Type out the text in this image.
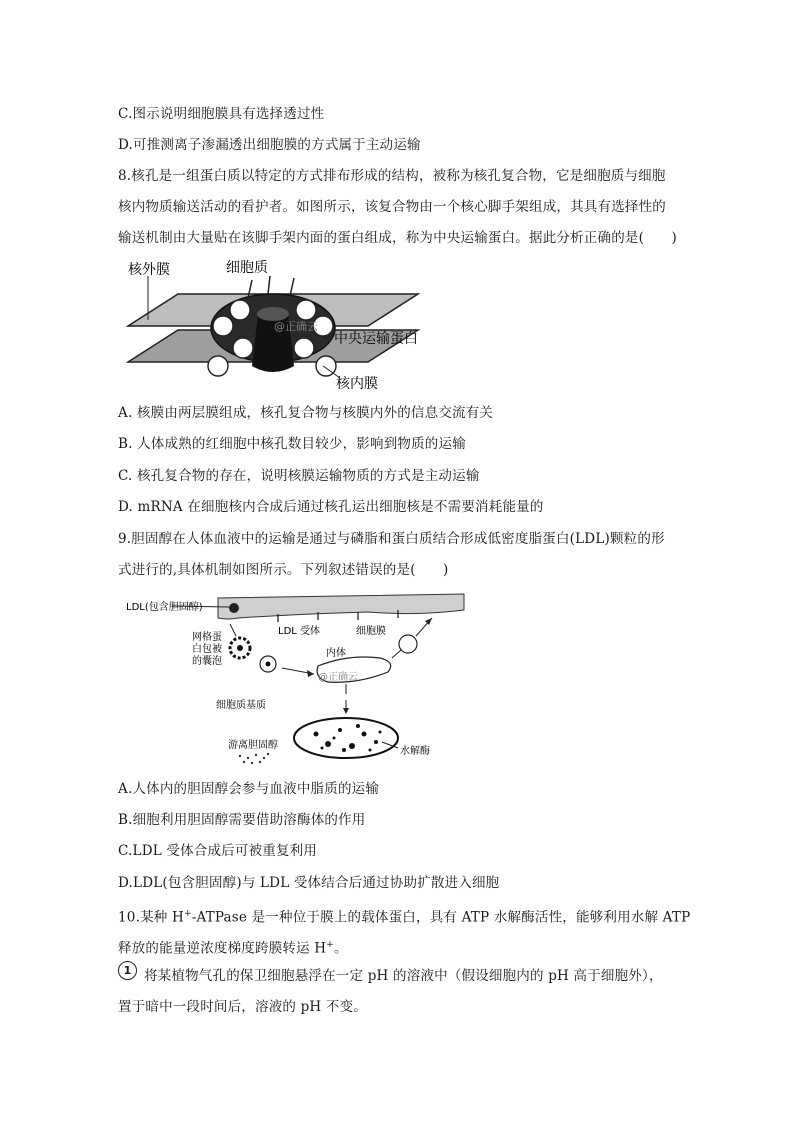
C.图示说明细胞膜具有选择透过性
D.可推测离子渗漏透出细胞膜的方式属于主动运输
8.核孔是一组蛋白质以特定的方式排布形成的结构，被称为核孔复合物，它是细胞质与细胞
核内物质输送活动的看护者。如图所示，该复合物由一个核心脚手架组成，其具有选择性的
输送机制由大量贴在该脚手架内面的蛋白组成，称为中央运输蛋白。据此分析正确的是(　　)
核外膜	细胞质
中央运输蛋白
核内膜
@正确云
A. 核膜由两层膜组成，核孔复合物与核膜内外的信息交流有关
B. 人体成熟的红细胞中核孔数目较少，影响到物质的运输
C. 核孔复合物的存在，说明核膜运输物质的方式是主动运输
D. mRNA 在细胞核内合成后通过核孔运出细胞核是不需要消耗能量的
9.胆固醇在人体血液中的运输是通过与磷脂和蛋白质结合形成低密度脂蛋白(LDL)颗粒的形
式进行的,具体机制如图所示。下列叙述错误的是(　　)
LDL(包含胆固醇)
LDL 受体	细胞膜
网格蛋
白包被
的囊泡
内体
细胞质基质
游离胆固醇
水解酶
@正确云
A.人体内的胆固醇会参与血液中脂质的运输
B.细胞利用胆固醇需要借助溶酶体的作用
C.LDL 受体合成后可被重复利用
D.LDL(包含胆固醇)与 LDL 受体结合后通过协助扩散进入细胞
10.某种 H+-ATPase 是一种位于膜上的载体蛋白，具有 ATP 水解酶活性，能够利用水解 ATP
释放的能量逆浓度梯度跨膜转运 H+。
1 将某植物气孔的保卫细胞悬浮在一定 pH 的溶液中（假设细胞内的 pH 高于细胞外），
置于暗中一段时间后，溶液的 pH 不变。
